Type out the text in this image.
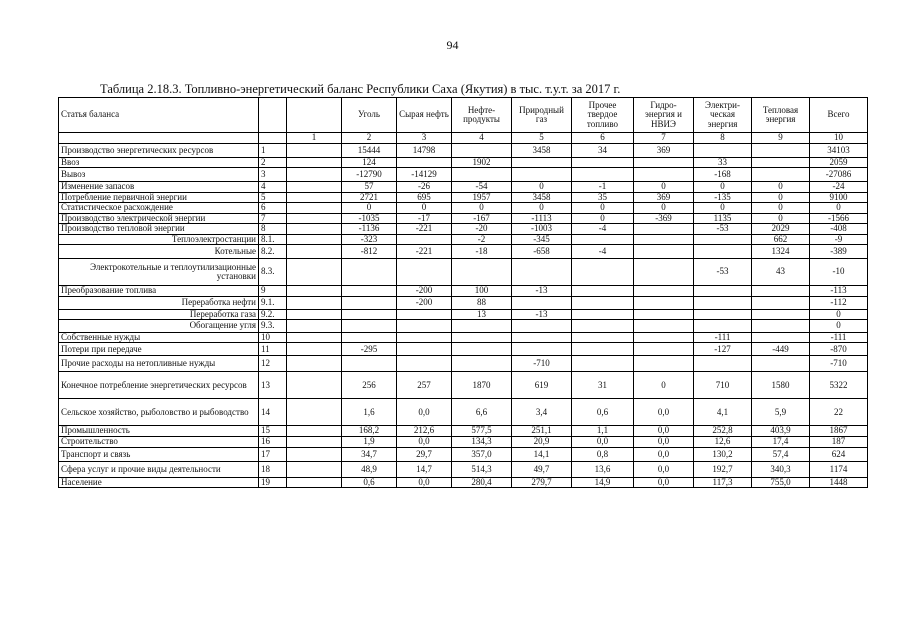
94
Таблица 2.18.3. Топливно-энергетический баланс Республики Саха (Якутия) в тыс. т.у.т. за 2017 г.
Статья баланса			Уголь	Сырая нефть	Нефте-продукты	Природный газ	Прочее твердое топливо	Гидро-энергия и НВИЭ	Электри-ческая энергия	Тепловая энергия	Всего
		1	2	3	4	5	6	7	8	9	10
Производство энергетических ресурсов	1		15444	14798		3458	34	369			34103
Ввоз	2		124		1902				33		2059
Вывоз	3		-12790	-14129					-168		-27086
Изменение запасов	4		57	-26	-54	0	-1	0	0	0	-24
Потребление первичной энергии	5		2721	695	1957	3458	35	369	-135	0	9100
Статистическое расхождение	6		0	0	0	0	0	0	0	0	0
Производство электрической энергии	7		-1035	-17	-167	-1113	0	-369	1135	0	-1566
Производство тепловой энергии	8		-1136	-221	-20	-1003	-4		-53	2029	-408
Теплоэлектростанции	8.1.		-323		-2	-345				662	-9
Котельные	8.2.		-812	-221	-18	-658	-4			1324	-389
Электрокотельные и теплоутилизационные установки	8.3.								-53	43	-10
Преобразование топлива	9			-200	100	-13					-113
Переработка нефти	9.1.			-200	88						-112
Переработка газа	9.2.				13	-13					0
Обогащение угля	9.3.										0
Собственные нужды	10								-111		-111
Потери при передаче	11		-295						-127	-449	-870
Прочие расходы на нетопливные нужды	12					-710					-710
Конечное потребление энергетических ресурсов	13		256	257	1870	619	31	0	710	1580	5322
Сельское хозяйство, рыболовство и рыбоводство	14		1,6	0,0	6,6	3,4	0,6	0,0	4,1	5,9	22
Промышленность	15		168,2	212,6	577,5	251,1	1,1	0,0	252,8	403,9	1867
Строительство	16		1,9	0,0	134,3	20,9	0,0	0,0	12,6	17,4	187
Транспорт и связь	17		34,7	29,7	357,0	14,1	0,8	0,0	130,2	57,4	624
Сфера услуг и прочие виды деятельности	18		48,9	14,7	514,3	49,7	13,6	0,0	192,7	340,3	1174
Население	19		0,6	0,0	280,4	279,7	14,9	0,0	117,3	755,0	1448
